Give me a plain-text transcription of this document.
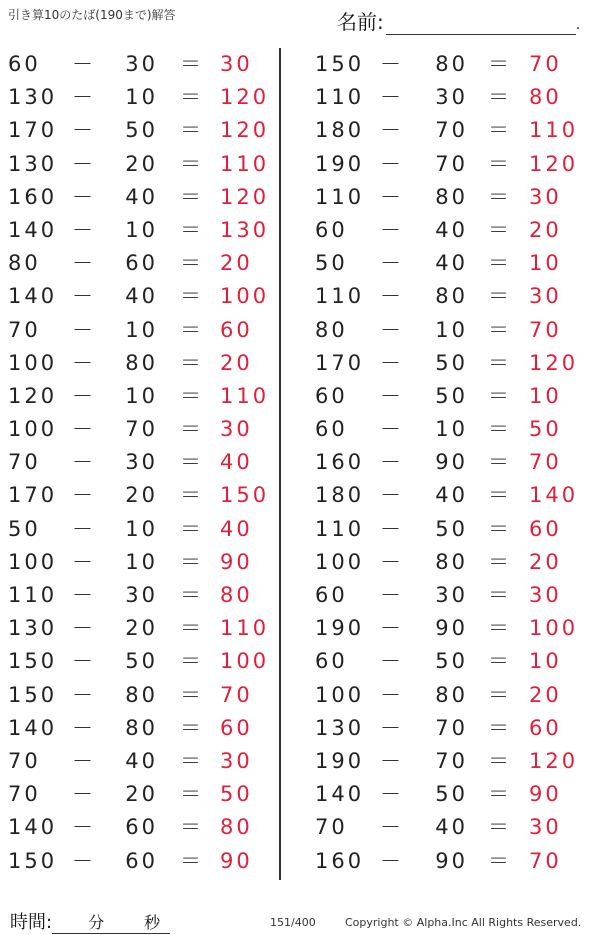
引き算10のたば(190まで)解答	名前:	.
60	－	30 ＝ 30
130 －	10 ＝ 120
170 －	50 ＝ 120
130 －	20 ＝ 110
160 －	40 ＝ 120
140 －	10 ＝ 130
80	－	60 ＝ 20
140 －	40 ＝ 100
70	－	10 ＝ 60
100 －	80 ＝ 20
120 －	10 ＝ 110
100 －	70 ＝ 30
70	－	30 ＝ 40
170 －	20 ＝ 150
50	－	10 ＝ 40
100 －	10 ＝ 90
110 －	30 ＝ 80
130 －	20 ＝ 110
150 －	50 ＝ 100
150 －	80 ＝ 70
140 －	80 ＝ 60
70	－	40 ＝ 30
70	－	20 ＝ 50
140 －	60 ＝ 80
150 －	60 ＝ 90
150 －	80 ＝ 70
110 －	30 ＝ 80
180 －	70 ＝ 110
190 －	70 ＝ 120
110 －	80 ＝ 30
60	－	40 ＝ 20
50	－	40 ＝ 10
110 －	80 ＝ 30
80	－	10 ＝ 70
170 －	50 ＝ 120
60	－	50 ＝ 10
60	－	10 ＝ 50
160 －	90 ＝ 70
180 －	40 ＝ 140
110 －	50 ＝ 60
100 －	80 ＝ 20
60	－	30 ＝ 30
190 －	90 ＝ 100
60	－	50 ＝ 10
100 －	80 ＝ 20
130 －	70 ＝ 60
190 －	70 ＝ 120
140 －	50 ＝ 90
70	－	40 ＝ 30
160 －	90 ＝ 70
時間: 分 秒	151/400	Copyright © Alpha.Inc All Rights Reserved.
